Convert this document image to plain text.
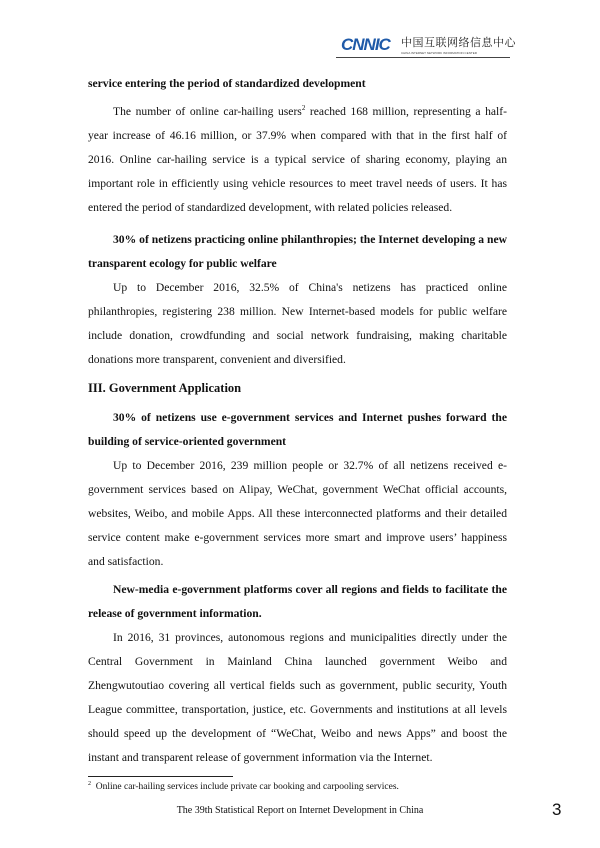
CNNIC 中国互联网络信息中心
CHINA INTERNET NETWORK INFORMATION CENTER

service entering the period of standardized development

The number of online car-hailing users$^2$ reached 168 million, representing a half-year increase of 46.16 million, or 37.9% when compared with that in the first half of 2016. Online car-hailing service is a typical service of sharing economy, playing an important role in efficiently using vehicle resources to meet travel needs of users. It has entered the period of standardized development, with related policies released.

30% of netizens practicing online philanthropies; the Internet developing a new transparent ecology for public welfare

Up to December 2016, 32.5% of China's netizens has practiced online philanthropies, registering 238 million. New Internet-based models for public welfare include donation, crowdfunding and social network fundraising, making charitable donations more transparent, convenient and diversified.

III. Government Application

30% of netizens use e-government services and Internet pushes forward the building of service-oriented government

Up to December 2016, 239 million people or 32.7% of all netizens received e-government services based on Alipay, WeChat, government WeChat official accounts, websites, Weibo, and mobile Apps. All these interconnected platforms and their detailed service content make e-government services more smart and improve users’ happiness and satisfaction.

New-media e-government platforms cover all regions and fields to facilitate the release of government information.

In 2016, 31 provinces, autonomous regions and municipalities directly under the Central Government in Mainland China launched government Weibo and Zhengwutoutiao covering all vertical fields such as government, public security, Youth League committee, transportation, justice, etc. Governments and institutions at all levels should speed up the development of “WeChat, Weibo and news Apps” and boost the instant and transparent release of government information via the Internet.

$^2$ Online car-hailing services include private car booking and carpooling services.
The 39th Statistical Report on Internet Development in China	3
